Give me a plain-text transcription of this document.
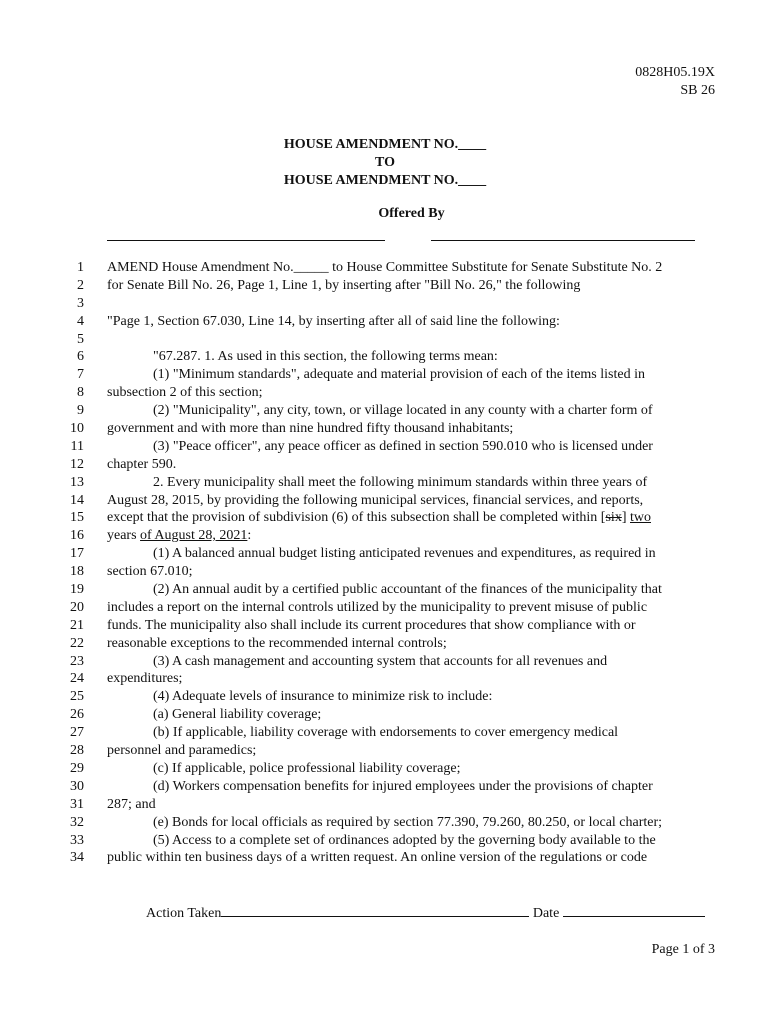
0828H05.19X
SB 26
HOUSE AMENDMENT NO.____
TO
HOUSE AMENDMENT NO.____
Offered By
1 AMEND House Amendment No._____ to House Committee Substitute for Senate Substitute No. 2
2 for Senate Bill No. 26, Page 1, Line 1, by inserting after "Bill No. 26," the following
3
4 "Page 1, Section 67.030, Line 14, by inserting after all of said line the following:
5
6	"67.287. 1. As used in this section, the following terms mean:
7	(1) "Minimum standards", adequate and material provision of each of the items listed in
8 subsection 2 of this section;
9	(2) "Municipality", any city, town, or village located in any county with a charter form of
10 government and with more than nine hundred fifty thousand inhabitants;
11	(3) "Peace officer", any peace officer as defined in section 590.010 who is licensed under
12 chapter 590.
13	2. Every municipality shall meet the following minimum standards within three years of
14 August 28, 2015, by providing the following municipal services, financial services, and reports,
15 except that the provision of subdivision (6) of this subsection shall be completed within [six] two
16 years of August 28, 2021:
17	(1) A balanced annual budget listing anticipated revenues and expenditures, as required in
18 section 67.010;
19	(2) An annual audit by a certified public accountant of the finances of the municipality that
20 includes a report on the internal controls utilized by the municipality to prevent misuse of public
21 funds. The municipality also shall include its current procedures that show compliance with or
22 reasonable exceptions to the recommended internal controls;
23	(3) A cash management and accounting system that accounts for all revenues and
24 expenditures;
25	(4) Adequate levels of insurance to minimize risk to include:
26	(a) General liability coverage;
27	(b) If applicable, liability coverage with endorsements to cover emergency medical
28 personnel and paramedics;
29	(c) If applicable, police professional liability coverage;
30	(d) Workers compensation benefits for injured employees under the provisions of chapter
31 287; and
32	(e) Bonds for local officials as required by section 77.390, 79.260, 80.250, or local charter;
33	(5) Access to a complete set of ordinances adopted by the governing body available to the
34 public within ten business days of a written request. An online version of the regulations or code
Action Taken	Date
Page 1 of 3
